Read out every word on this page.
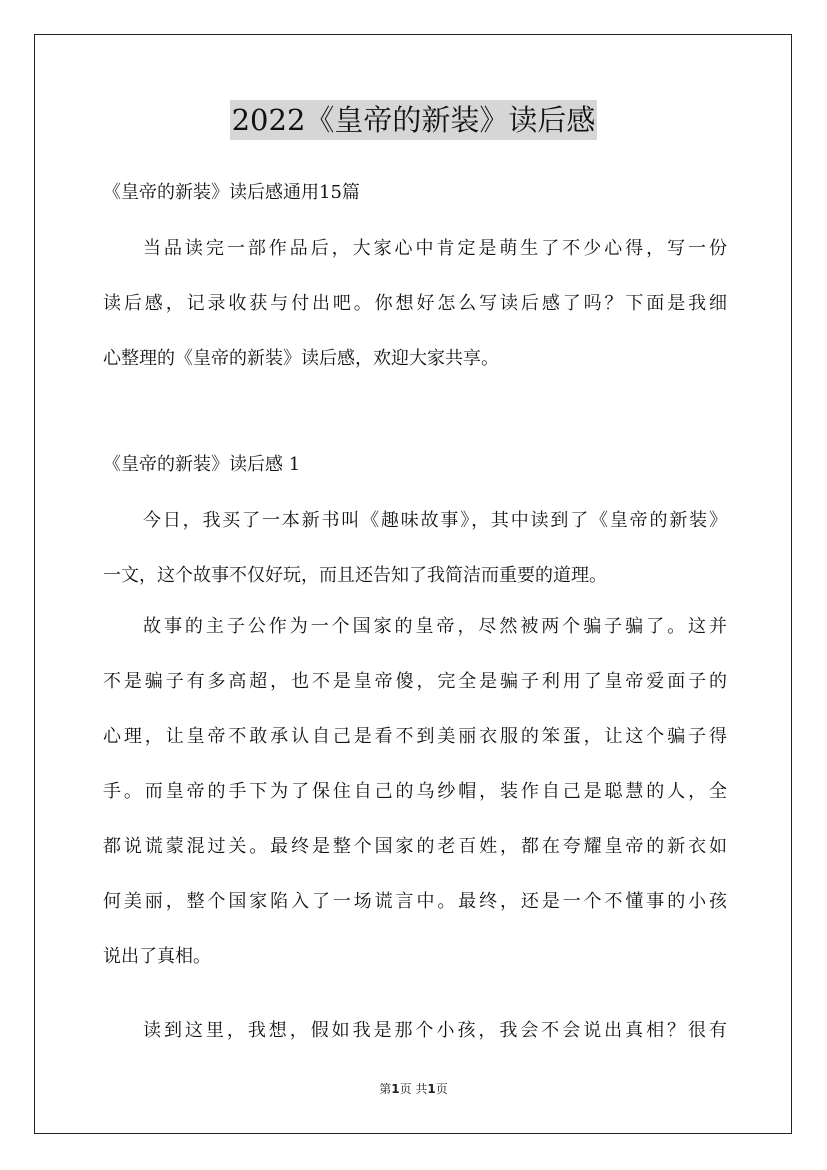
2022《皇帝的新装》读后感
《皇帝的新装》读后感通用15篇
当品读完一部作品后，大家心中肯定是萌生了不少心得，写一份
读后感，记录收获与付出吧。你想好怎么写读后感了吗？下面是我细
心整理的《皇帝的新装》读后感，欢迎大家共享。
《皇帝的新装》读后感 1
今日，我买了一本新书叫《趣味故事》，其中读到了《皇帝的新装》
一文，这个故事不仅好玩，而且还告知了我简洁而重要的道理。
故事的主子公作为一个国家的皇帝，尽然被两个骗子骗了。这并
不是骗子有多高超，也不是皇帝傻，完全是骗子利用了皇帝爱面子的
心理，让皇帝不敢承认自己是看不到美丽衣服的笨蛋，让这个骗子得
手。而皇帝的手下为了保住自己的乌纱帽，装作自己是聪慧的人，全
都说谎蒙混过关。最终是整个国家的老百姓，都在夸耀皇帝的新衣如
何美丽，整个国家陷入了一场谎言中。最终，还是一个不懂事的小孩
说出了真相。
读到这里，我想，假如我是那个小孩，我会不会说出真相？很有
第1页 共1页
